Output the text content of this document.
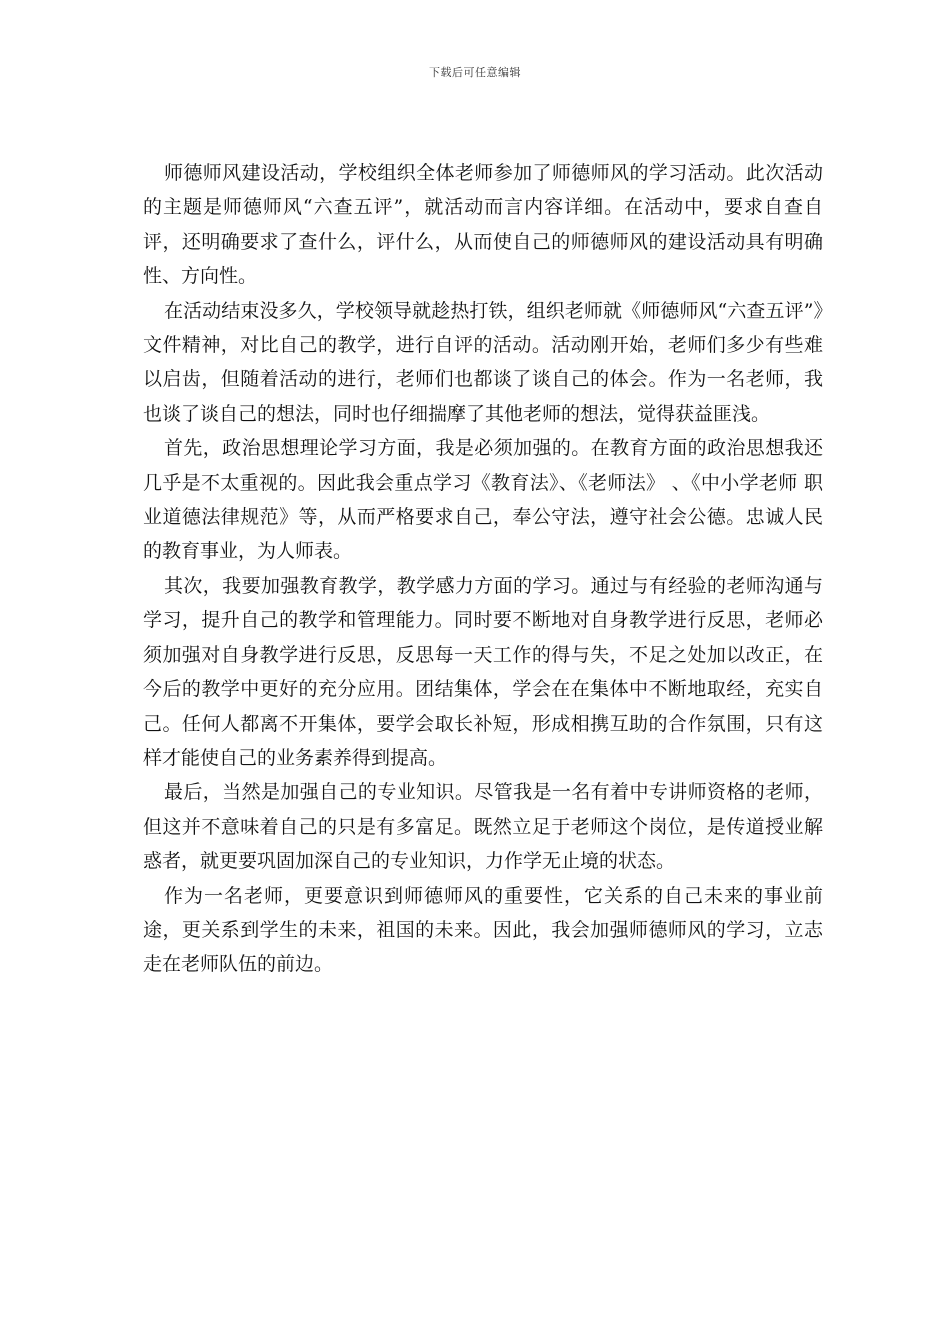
下载后可任意编辑

师德师风建设活动，学校组织全体老师参加了师德师风的学习活动。此次活动的主题是师德师风“六查五评”，就活动而言内容详细。在活动中，要求自查自评，还明确要求了查什么，评什么，从而使自己的师德师风的建设活动具有明确性、方向性。

在活动结束没多久，学校领导就趁热打铁，组织老师就《师德师风“六查五评”》文件精神，对比自己的教学，进行自评的活动。活动刚开始，老师们多少有些难以启齿，但随着活动的进行，老师们也都谈了谈自己的体会。作为一名老师，我也谈了谈自己的想法，同时也仔细揣摩了其他老师的想法，觉得获益匪浅。

首先，政治思想理论学习方面，我是必须加强的。在教育方面的政治思想我还几乎是不太重视的。因此我会重点学习《教育法》、《老师法》 、《中小学老师 职业道德法律规范》等，从而严格要求自己，奉公守法，遵守社会公德。忠诚人民的教育事业，为人师表。

其次，我要加强教育教学，教学感力方面的学习。通过与有经验的老师沟通与学习，提升自己的教学和管理能力。同时要不断地对自身教学进行反思，老师必须加强对自身教学进行反思，反思每一天工作的得与失，不足之处加以改正，在今后的教学中更好的充分应用。团结集体，学会在在集体中不断地取经，充实自己。任何人都离不开集体，要学会取长补短，形成相携互助的合作氛围，只有这样才能使自己的业务素养得到提高。

最后，当然是加强自己的专业知识。尽管我是一名有着中专讲师资格的老师，但这并不意味着自己的只是有多富足。既然立足于老师这个岗位，是传道授业解惑者，就更要巩固加深自己的专业知识，力作学无止境的状态。

作为一名老师，更要意识到师德师风的重要性，它关系的自己未来的事业前途，更关系到学生的未来，祖国的未来。因此，我会加强师德师风的学习，立志走在老师队伍的前边。
